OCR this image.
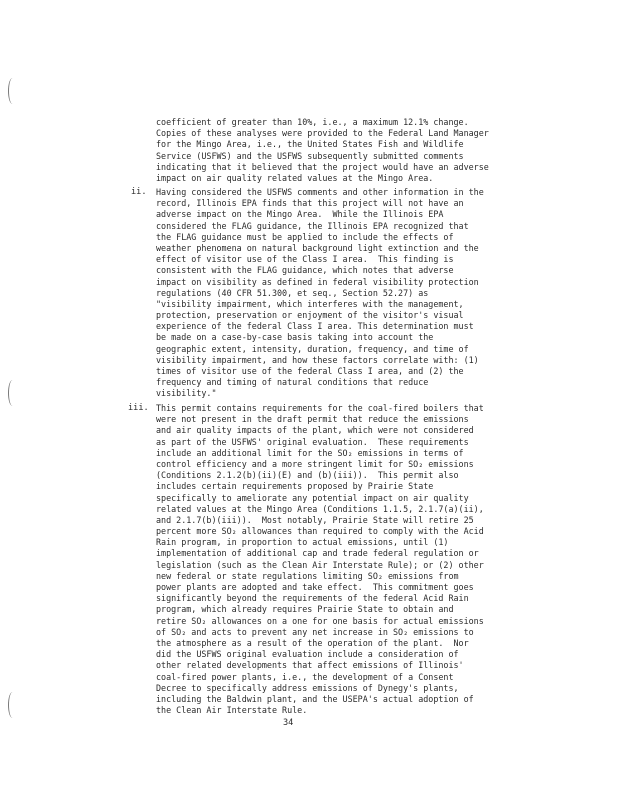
coefficient of greater than 10%, i.e., a maximum 12.1% change.
Copies of these analyses were provided to the Federal Land Manager
for the Mingo Area, i.e., the United States Fish and Wildlife
Service (USFWS) and the USFWS subsequently submitted comments
indicating that it believed that the project would have an adverse
impact on air quality related values at the Mingo Area.
ii. Having considered the USFWS comments and other information in the
record, Illinois EPA finds that this project will not have an
adverse impact on the Mingo Area.  While the Illinois EPA
considered the FLAG guidance, the Illinois EPA recognized that
the FLAG guidance must be applied to include the effects of
weather phenomena on natural background light extinction and the
effect of visitor use of the Class I area.  This finding is
consistent with the FLAG guidance, which notes that adverse
impact on visibility as defined in federal visibility protection
regulations (40 CFR 51.300, et seq., Section 52.27) as
"visibility impairment, which interferes with the management,
protection, preservation or enjoyment of the visitor's visual
experience of the federal Class I area. This determination must
be made on a case-by-case basis taking into account the
geographic extent, intensity, duration, frequency, and time of
visibility impairment, and how these factors correlate with: (1)
times of visitor use of the federal Class I area, and (2) the
frequency and timing of natural conditions that reduce
visibility."
iii. This permit contains requirements for the coal-fired boilers that
were not present in the draft permit that reduce the emissions
and air quality impacts of the plant, which were not considered
as part of the USFWS' original evaluation.  These requirements
include an additional limit for the SO₂ emissions in terms of
control efficiency and a more stringent limit for SO₂ emissions
(Conditions 2.1.2(b)(ii)(E) and (b)(iii)).  This permit also
includes certain requirements proposed by Prairie State
specifically to ameliorate any potential impact on air quality
related values at the Mingo Area (Conditions 1.1.5, 2.1.7(a)(ii),
and 2.1.7(b)(iii)).  Most notably, Prairie State will retire 25
percent more SO₂ allowances than required to comply with the Acid
Rain program, in proportion to actual emissions, until (1)
implementation of additional cap and trade federal regulation or
legislation (such as the Clean Air Interstate Rule); or (2) other
new federal or state regulations limiting SO₂ emissions from
power plants are adopted and take effect.  This commitment goes
significantly beyond the requirements of the federal Acid Rain
program, which already requires Prairie State to obtain and
retire SO₂ allowances on a one for one basis for actual emissions
of SO₂ and acts to prevent any net increase in SO₂ emissions to
the atmosphere as a result of the operation of the plant.  Nor
did the USFWS original evaluation include a consideration of
other related developments that affect emissions of Illinois'
coal-fired power plants, i.e., the development of a Consent
Decree to specifically address emissions of Dynegy's plants,
including the Baldwin plant, and the USEPA's actual adoption of
the Clean Air Interstate Rule.
34
